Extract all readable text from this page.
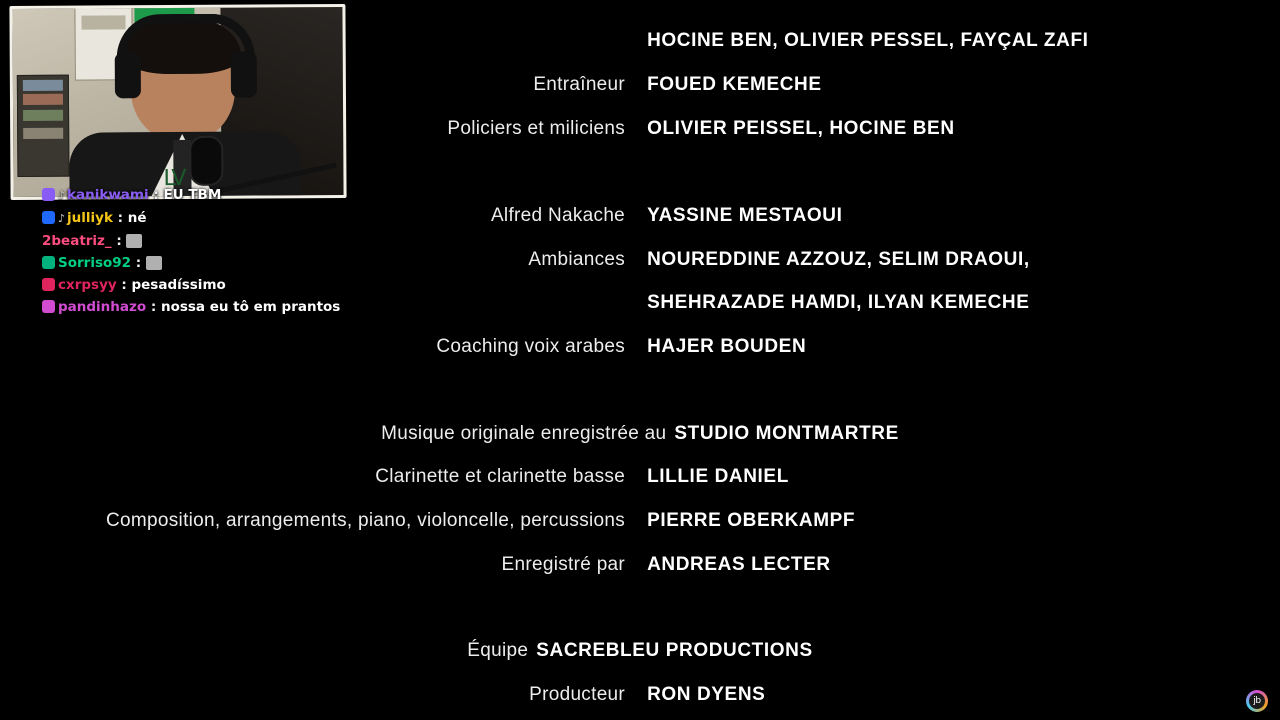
HOCINE BEN, OLIVIER PESSEL, FAYÇAL ZAFI
Entraîneur	FOUED KEMECHE
Policiers et miliciens	OLIVIER PEISSEL, HOCINE BEN
Alfred Nakache	YASSINE MESTAOUI
Ambiances	NOUREDDINE AZZOUZ, SELIM DRAOUI,
SHEHRAZADE HAMDI, ILYAN KEMECHE
Coaching voix arabes	HAJER BOUDEN
Musique originale enregistrée au STUDIO MONTMARTRE
Clarinette et clarinette basse	LILLIE DANIEL
Composition, arrangements, piano, violoncelle, percussions	PIERRE OBERKAMPF
Enregistré par	ANDREAS LECTER
Équipe SACREBLEU PRODUCTIONS
Producteur	RON DYENS
LV
♪ kanikwami : EU TBM
♪ julliyk : né
2beatriz_ :
Sorriso92 :
cxrpsyy : pesadíssimo
pandinhazo : nossa eu tô em prantos
jb
